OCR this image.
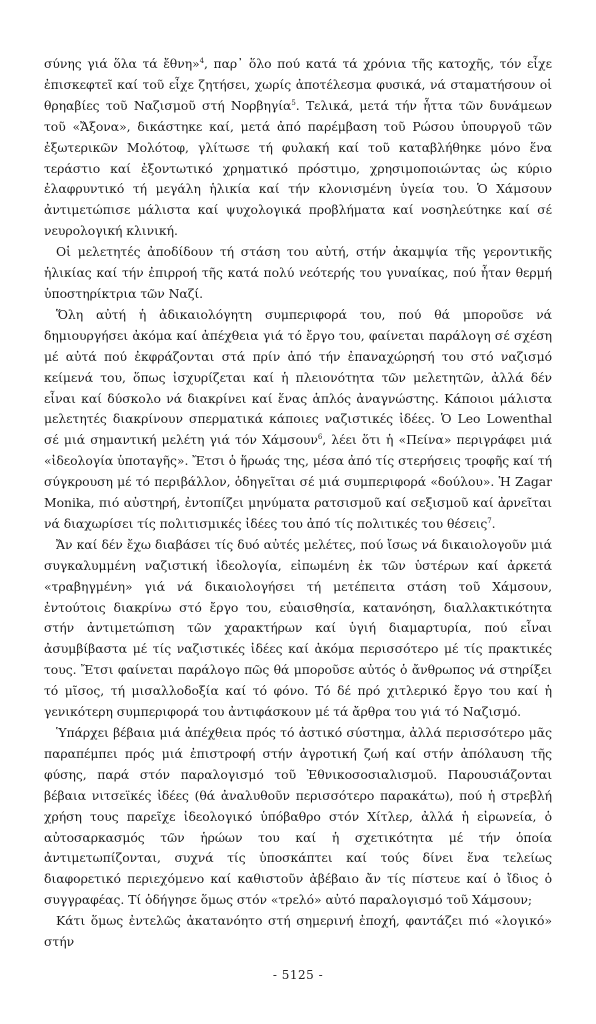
σύνης γιά ὅλα τά ἔθνη»$^4$, παρ᾽ ὅλο πού κατά τά χρόνια τῆς κατοχῆς, τόν εἶχε ἐπισκεφτεῖ καί τοῦ εἶχε ζητήσει, χωρίς ἀποτέλεσμα φυσικά, νά σταματήσουν οἱ θρηαβίες τοῦ Ναζισμοῦ στή Νορβηγία$^5$. Τελικά, μετά τήν ἧττα τῶν δυνάμεων τοῦ «Ἄξονα», δικάστηκε καί, μετά ἀπό παρέμβαση τοῦ Ρώσου ὑπουργοῦ τῶν ἐξωτερικῶν Μολότοφ, γλίτωσε τή φυλακή καί τοῦ καταβλήθηκε μόνο ἕνα τεράστιο καί ἐξοντωτικό χρηματικό πρόστιμο, χρησιμοποιώντας ὡς κύριο ἐλαφρυντικό τή μεγάλη ἡλικία καί τήν κλονισμένη ὑγεία του. Ὁ Χάμσουν ἀντιμετώπισε μάλιστα καί ψυχολογικά προβλήματα καί νοσηλεύτηκε καί σέ νευρολογική κλινική.

Οἱ μελετητές ἀποδίδουν τή στάση του αὐτή, στήν ἀκαμψία τῆς γεροντικῆς ἡλικίας καί τήν ἐπιρροή τῆς κατά πολύ νεότερής του γυναίκας, πού ἦταν θερμή ὑποστηρίκτρια τῶν Ναζί.

Ὅλη αὐτή ἡ ἀδικαιολόγητη συμπεριφορά του, πού θά μποροῦσε νά δημιουργήσει ἀκόμα καί ἀπέχθεια γιά τό ἔργο του, φαίνεται παράλογη σέ σχέση μέ αὐτά πού ἐκφράζονται στά πρίν ἀπό τήν ἐπαναχώρησή του στό ναζισμό κείμενά του, ὅπως ἰσχυρίζεται καί ἡ πλειονότητα τῶν μελετητῶν, ἀλλά δέν εἶναι καί δύσκολο νά διακρίνει καί ἕνας ἁπλός ἀναγνώστης. Κάποιοι μάλιστα μελετητές διακρίνουν σπερματικά κάποιες ναζιστικές ἰδέες. Ὁ Leo Lowenthal σέ μιά σημαντική μελέτη γιά τόν Χάμσουν$^6$, λέει ὅτι ἡ «Πείνα» περιγράφει μιά «ἰδεολογία ὑποταγῆς». Ἔτσι ὁ ἥρωάς της, μέσα ἀπό τίς στερήσεις τροφῆς καί τή σύγκρουση μέ τό περιβάλλον, ὁδηγεῖται σέ μιά συμπεριφορά «δούλου». Ἡ Zagar Monika, πιό αὐστηρή, ἐντοπίζει μηνύματα ρατσισμοῦ καί σεξισμοῦ καί ἀρνεῖται νά διαχωρίσει τίς πολιτισμικές ἰδέες του ἀπό τίς πολιτικές του θέσεις$^7$.

Ἄν καί δέν ἔχω διαβάσει τίς δυό αὐτές μελέτες, πού ἴσως νά δικαιολογοῦν μιά συγκαλυμμένη ναζιστική ἰδεολογία, εἰπωμένη ἐκ τῶν ὑστέρων καί ἀρκετά «τραβηγμένη» γιά νά δικαιολογήσει τή μετέπειτα στάση τοῦ Χάμσουν, ἐντούτοις διακρίνω στό ἔργο του, εὐαισθησία, κατανόηση, διαλλακτικότητα στήν ἀντιμετώπιση τῶν χαρακτήρων καί ὑγιή διαμαρτυρία, πού εἶναι ἀσυμβίβαστα μέ τίς ναζιστικές ἰδέες καί ἀκόμα περισσότερο μέ τίς πρακτικές τους. Ἔτσι φαίνεται παράλογο πῶς θά μποροῦσε αὐτός ὁ ἄνθρωπος νά στηρίξει τό μῖσος, τή μισαλλοδοξία καί τό φόνο. Τό δέ πρό χιτλερικό ἔργο του καί ἡ γενικότερη συμπεριφορά του ἀντιφάσκουν μέ τά ἄρθρα του γιά τό Ναζισμό.

Ὑπάρχει βέβαια μιά ἀπέχθεια πρός τό ἀστικό σύστημα, ἀλλά περισσότερο μᾶς παραπέμπει πρός μιά ἐπιστροφή στήν ἀγροτική ζωή καί στήν ἀπόλαυση τῆς φύσης, παρά στόν παραλογισμό τοῦ Ἐθνικοσοσιαλισμοῦ. Παρουσιάζονται βέβαια νιτσεϊκές ἰδέες (θά ἀναλυθοῦν περισσότερο παρακάτω), πού ἡ στρεβλή χρήση τους παρεῖχε ἰδεολογικό ὑπόβαθρο στόν Χίτλερ, ἀλλά ἡ εἰρωνεία, ὁ αὐτοσαρκασμός τῶν ἡρώων του καί ἡ σχετικότητα μέ τήν ὁποία ἀντιμετωπίζονται, συχνά τίς ὑποσκάπτει καί τούς δίνει ἕνα τελείως διαφορετικό περιεχόμενο καί καθιστοῦν ἀβέβαιο ἄν τίς πίστευε καί ὁ ἴδιος ὁ συγγραφέας. Τί ὁδήγησε ὅμως στόν «τρελό» αὐτό παραλογισμό τοῦ Χάμσουν;

Κάτι ὅμως ἐντελῶς ἀκατανόητο στή σημερινή ἐποχή, φαντάζει πιό «λογικό» στήν

- 5125 -
